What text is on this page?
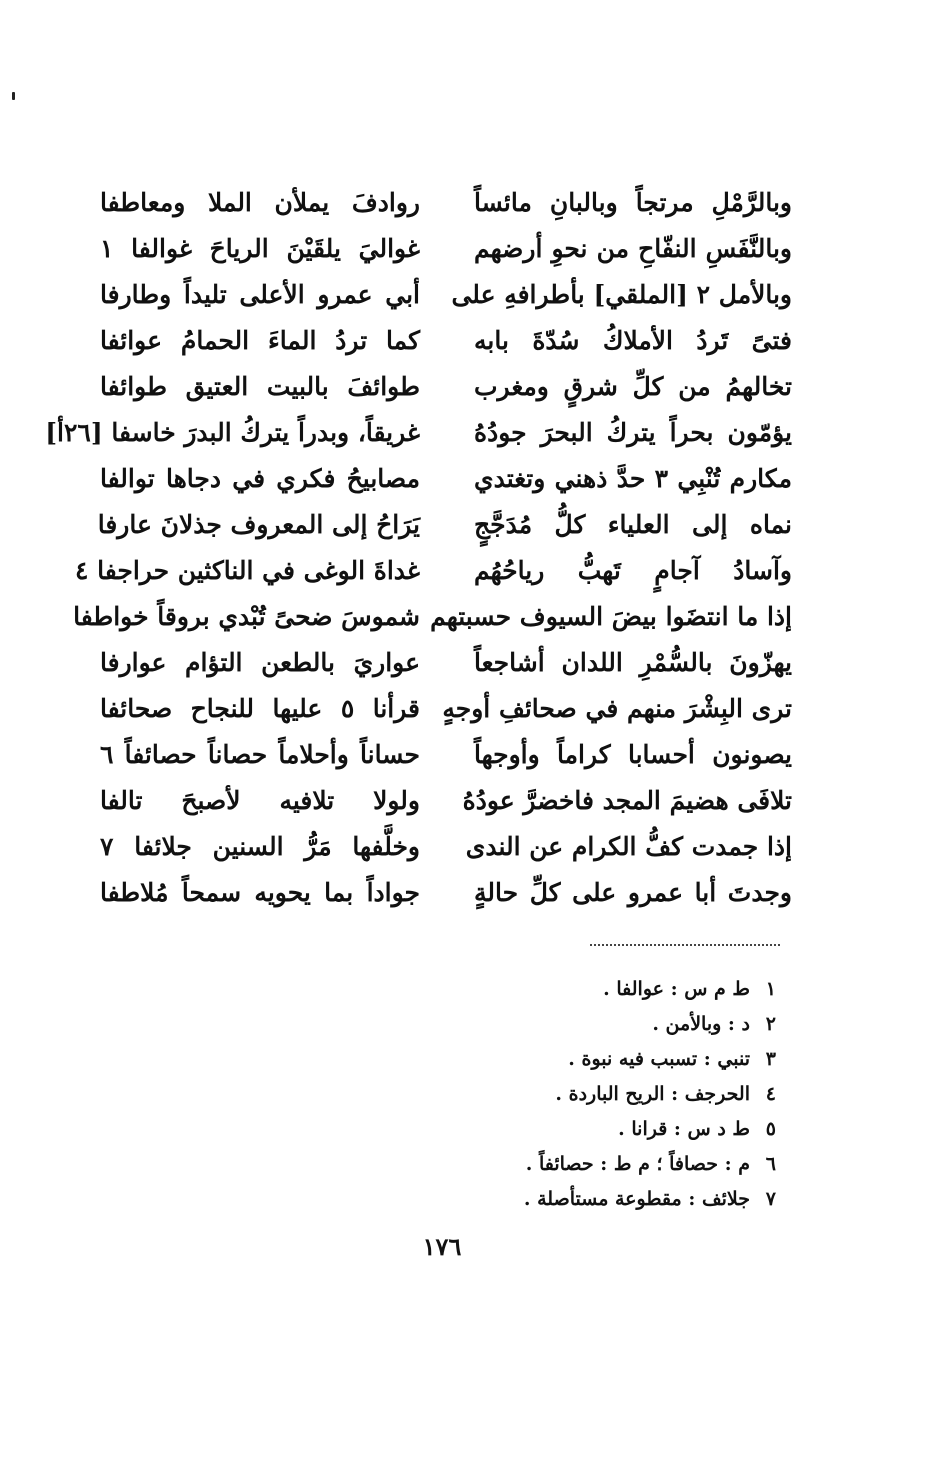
وبالرَّمْلِ مرتجاً وبالبانِ مائساً
روادفَ يملأن الملا ومعاطفا
وبالنَّفَسِ النفّاحِ من نحوِ أرضهم
غواليَ يلقَيْنَ الرياحَ غوالفا ١
وبالأمل ٢ [الملقي] بأطرافهِ على
أبي عمرو الأعلى تليداً وطارفا
فتىً تَردُ الأملاكُ سُدّةَ بابه
كما تردُ الماءَ الحمامُ عوائفا
تخالهمُ من كلِّ شرقٍ ومغرب
طوائفَ بالبيت العتيق طوائفا
يؤمّون بحراً يتركُ البحرَ جودُهُ
غريقاً، وبدراً يتركُ البدرَ خاسفا [٢٦أ]
مكارم تُنْبِي ٣ حدَّ ذهني وتغتدي
مصابيحُ فكري في دجاها توالفا
نماه إلى العلياء كلُّ مُدَجَّجٍ
يَرَاحُ إلى المعروف جذلانَ عارفا
وآسادُ آجامٍ تَهبُّ رياحُهُم
غداةَ الوغى في الناكثين حراجفا ٤
إذا ما انتضَوا بيضَ السيوف حسبتهم
شموسَ ضحىً تُبْدي بروقاً خواطفا
يهزّونَ بالسُّمْرِ اللدان أشاجعاً
عواريَ بالطعن التؤام عوارفا
ترى البِشْرَ منهم في صحائفِ أوجهٍ
قرأنا ٥ عليها للنجاح صحائفا
يصونون أحسابا كراماً وأوجهاً
حساناً وأحلاماً حصاناً حصائفاً ٦
تلافَى هضيمَ المجد فاخضرَّ عودُهُ
ولولا تلافيه لأصبحَ تالفا
إذا جمدت كفُّ الكرام عن الندى
وخلَّفها مَرُّ السنين جلائفا ٧
وجدتَ أبا عمرو على كلِّ حالةٍ
جواداً بما يحويه سمحاً مُلاطفا
١
ط م س : عوالفا .
٢
د : وبالأمن .
٣
تنبي : تسبب فيه نبوة .
٤
الحرجف : الريح الباردة .
٥
ط د س : قرانا .
٦
م : حصافاً ؛ م ط : حصائفاً .
٧
جلائف : مقطوعة مستأصلة .
١٧٦
